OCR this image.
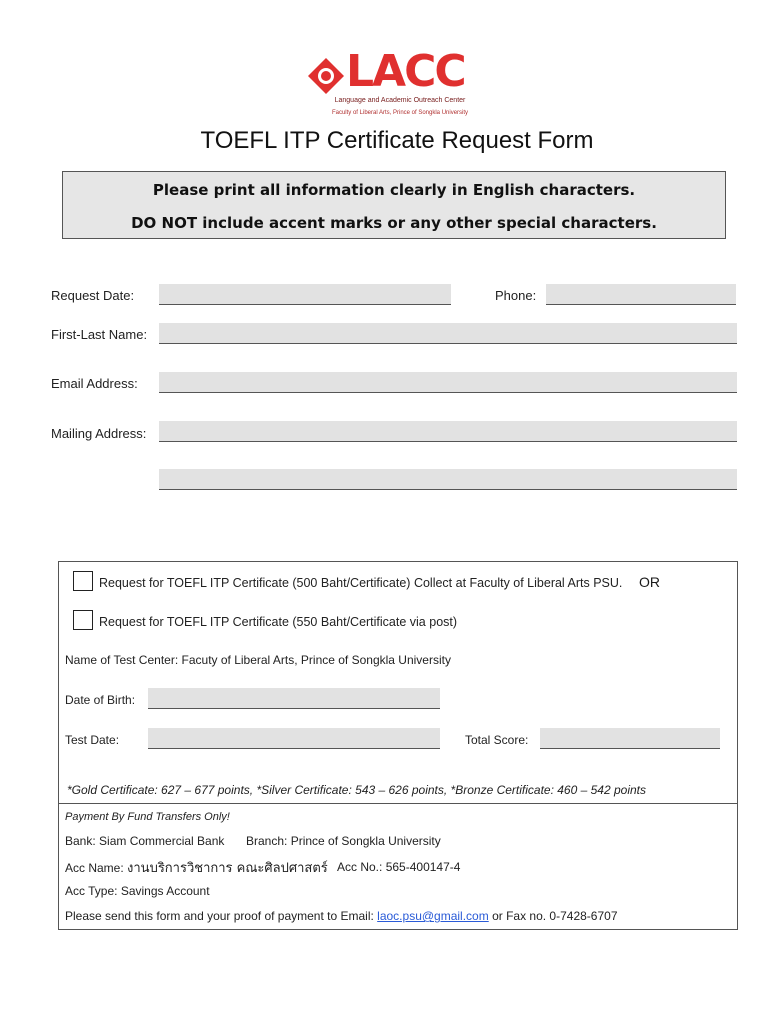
LACC
Language and Academic Outreach Center
Faculty of Liberal Arts, Prince of Songkla University
TOEFL ITP Certificate Request Form
Please print all information clearly in English characters.
DO NOT include accent marks or any other special characters.
Request Date:	Phone:
First-Last Name:
Email Address:
Mailing Address:
Request for TOEFL ITP Certificate (500 Baht/Certificate) Collect at Faculty of Liberal Arts PSU. OR
Request for TOEFL ITP Certificate (550 Baht/Certificate via post)
Name of Test Center: Facuty of Liberal Arts, Prince of Songkla University
Date of Birth:
Test Date:	Total Score:
*Gold Certificate: 627 – 677 points, *Silver Certificate: 543 – 626 points, *Bronze Certificate: 460 – 542 points
Payment By Fund Transfers Only!
Bank: Siam Commercial Bank Branch: Prince of Songkla University
Acc Name: งานบริการวิชาการ คณะศิลปศาสตร์ Acc No.: 565-400147-4
Acc Type: Savings Account
Please send this form and your proof of payment to Email: laoc.psu@gmail.com or Fax no. 0-7428-6707
